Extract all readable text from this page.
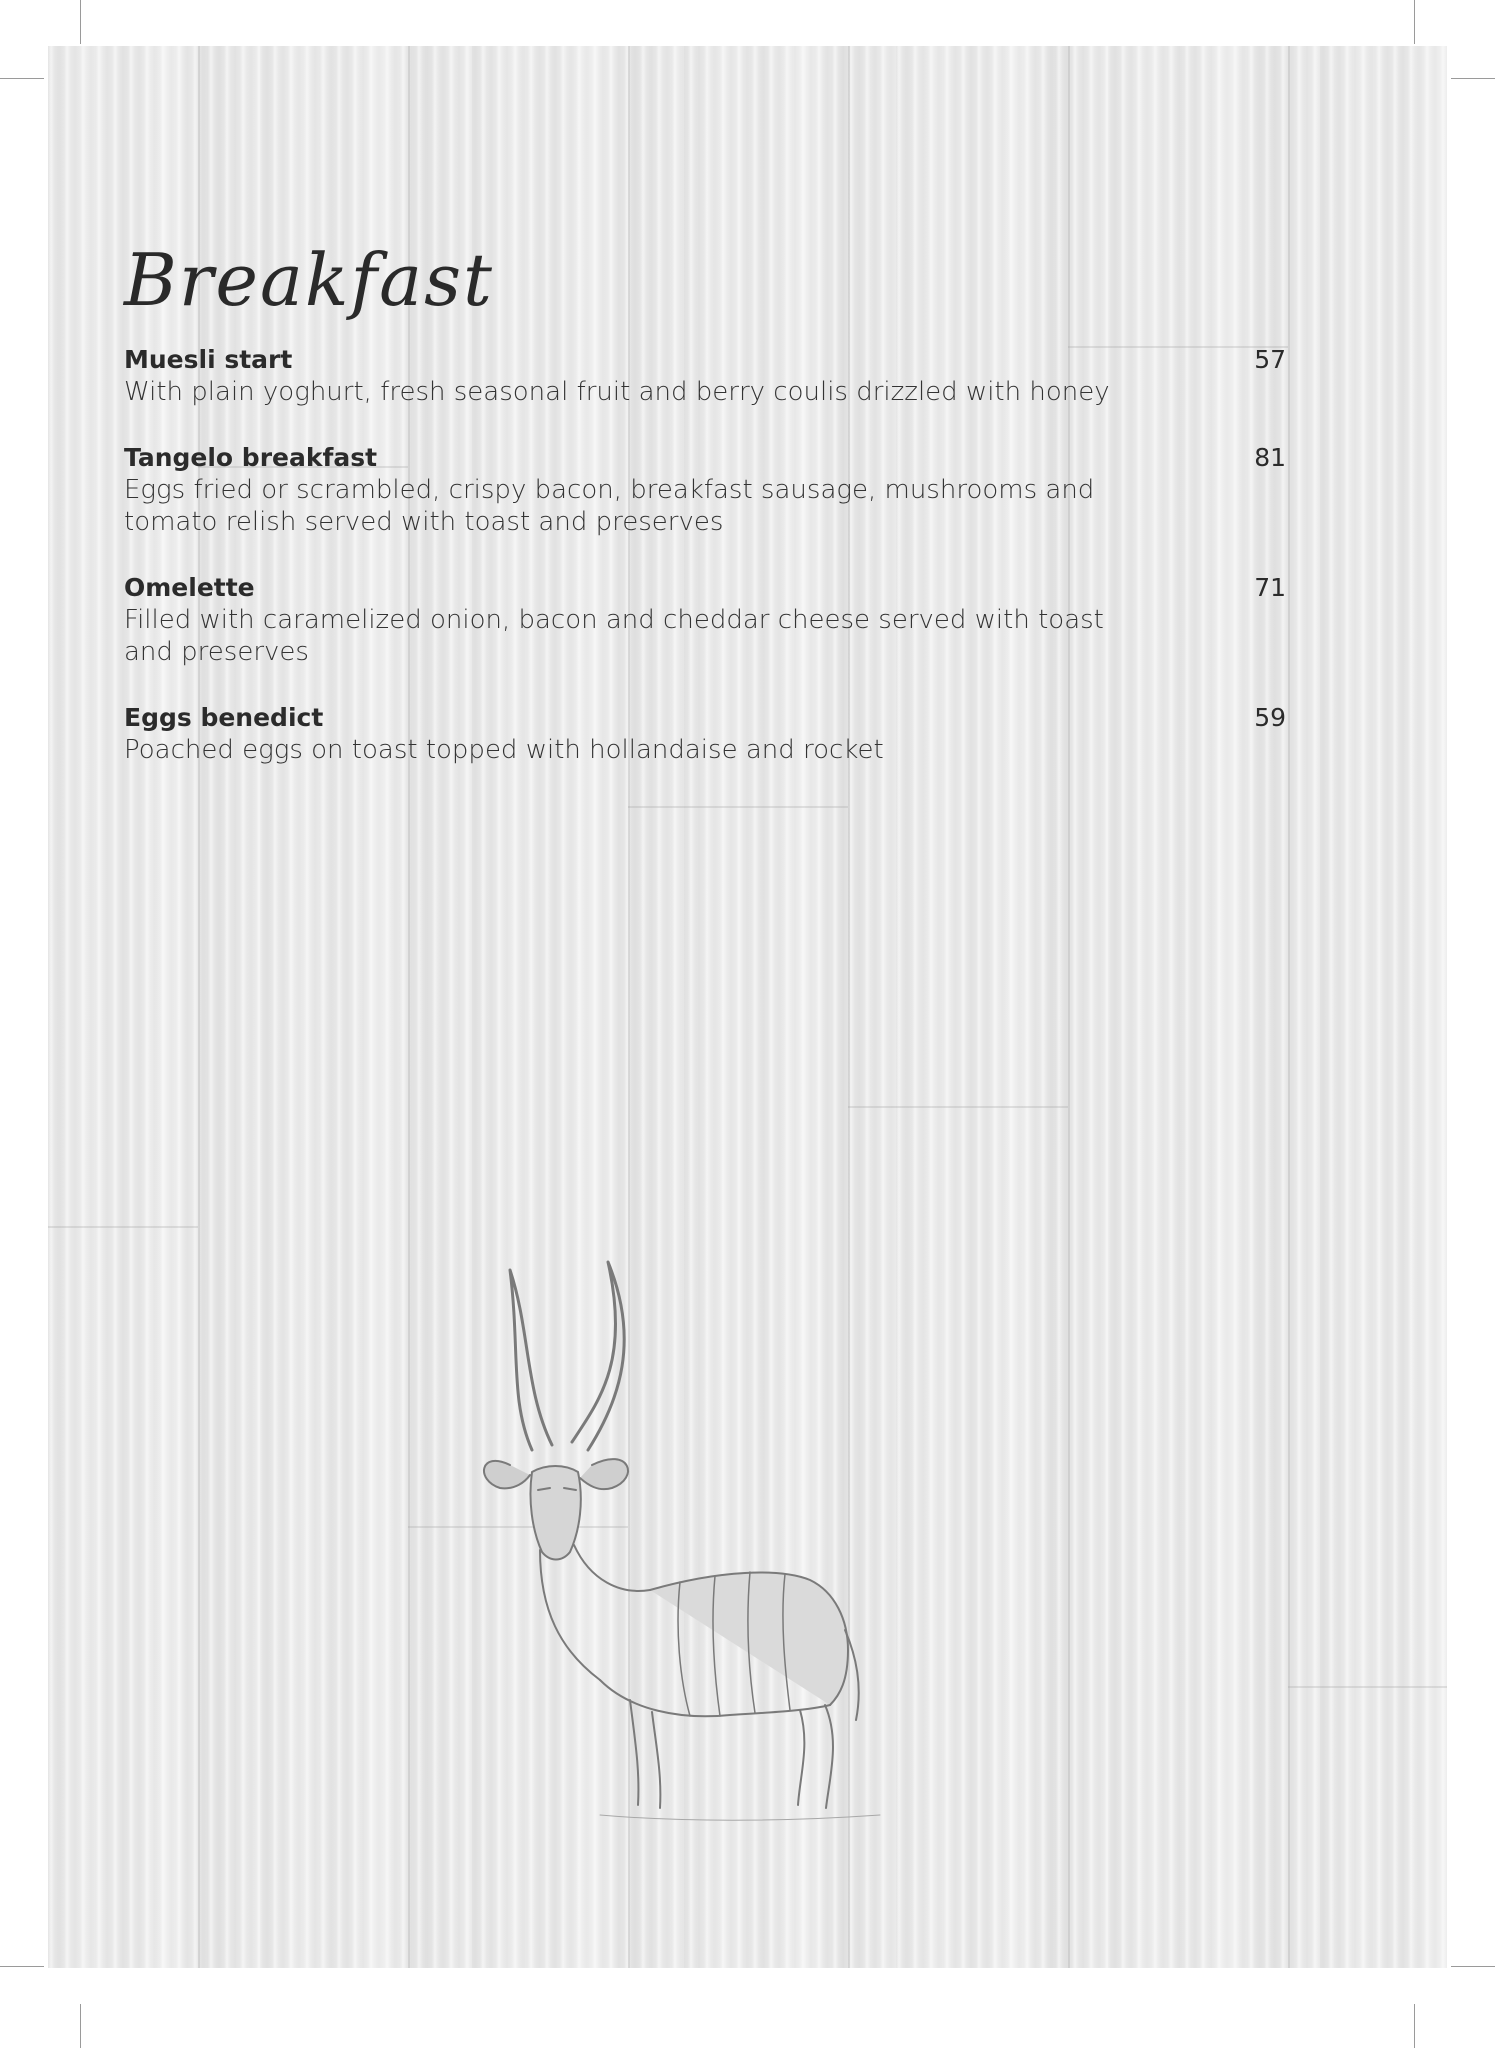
Breakfast
Muesli start	57
With plain yoghurt, fresh seasonal fruit and berry coulis drizzled with honey
Tangelo breakfast	81
Eggs fried or scrambled, crispy bacon, breakfast sausage, mushrooms and tomato relish served with toast and preserves
Omelette	71
Filled with caramelized onion, bacon and cheddar cheese served with toast and preserves
Eggs benedict	59
Poached eggs on toast topped with hollandaise and rocket
